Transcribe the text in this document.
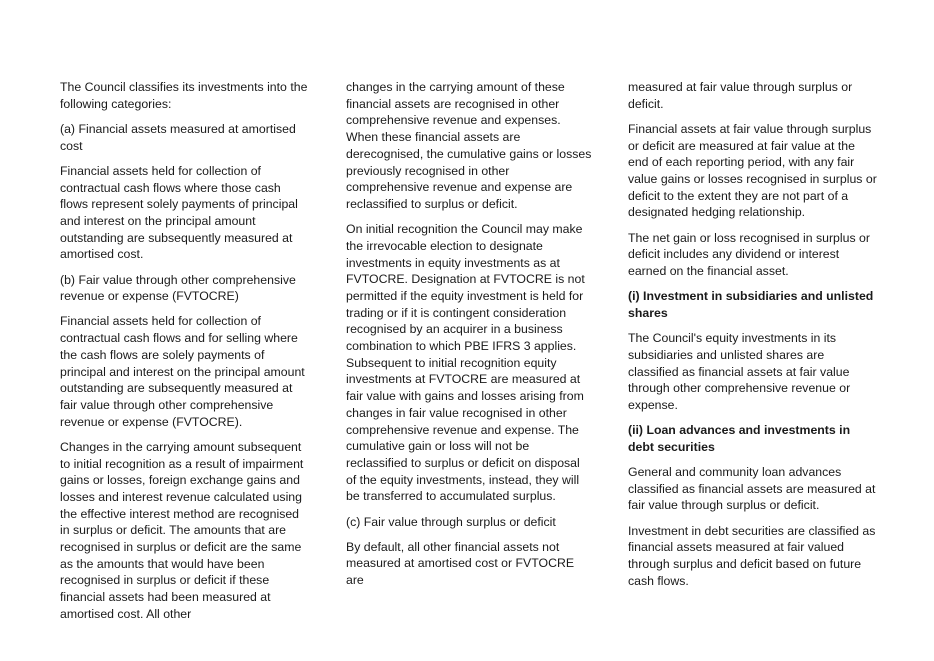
The Council classifies its investments into the following categories:

(a) Financial assets measured at amortised cost

Financial assets held for collection of contractual cash flows where those cash flows represent solely payments of principal and interest on the principal amount outstanding are subsequently measured at amortised cost.

(b) Fair value through other comprehensive revenue or expense (FVTOCRE)

Financial assets held for collection of contractual cash flows and for selling where the cash flows are solely payments of principal and interest on the principal amount outstanding are subsequently measured at fair value through other comprehensive revenue or expense (FVTOCRE).

Changes in the carrying amount subsequent to initial recognition as a result of impairment gains or losses, foreign exchange gains and losses and interest revenue calculated using the effective interest method are recognised in surplus or deficit. The amounts that are recognised in surplus or deficit are the same as the amounts that would have been recognised in surplus or deficit if these financial assets had been measured at amortised cost. All other

changes in the carrying amount of these financial assets are recognised in other comprehensive revenue and expenses. When these financial assets are derecognised, the cumulative gains or losses previously recognised in other comprehensive revenue and expense are reclassified to surplus or deficit.

On initial recognition the Council may make the irrevocable election to designate investments in equity investments as at FVTOCRE. Designation at FVTOCRE is not permitted if the equity investment is held for trading or if it is contingent consideration recognised by an acquirer in a business combination to which PBE IFRS 3 applies. Subsequent to initial recognition equity investments at FVTOCRE are measured at fair value with gains and losses arising from changes in fair value recognised in other comprehensive revenue and expense. The cumulative gain or loss will not be reclassified to surplus or deficit on disposal of the equity investments, instead, they will be transferred to accumulated surplus.

(c) Fair value through surplus or deficit

By default, all other financial assets not measured at amortised cost or FVTOCRE are

measured at fair value through surplus or deficit.

Financial assets at fair value through surplus or deficit are measured at fair value at the end of each reporting period, with any fair value gains or losses recognised in surplus or deficit to the extent they are not part of a designated hedging relationship.

The net gain or loss recognised in surplus or deficit includes any dividend or interest earned on the financial asset.

(i) Investment in subsidiaries and unlisted shares

The Council's equity investments in its subsidiaries and unlisted shares are classified as financial assets at fair value through other comprehensive revenue or expense.

(ii) Loan advances and investments in debt securities

General and community loan advances classified as financial assets are measured at fair value through surplus or deficit.

Investment in debt securities are classified as financial assets measured at fair valued through surplus and deficit based on future cash flows.
